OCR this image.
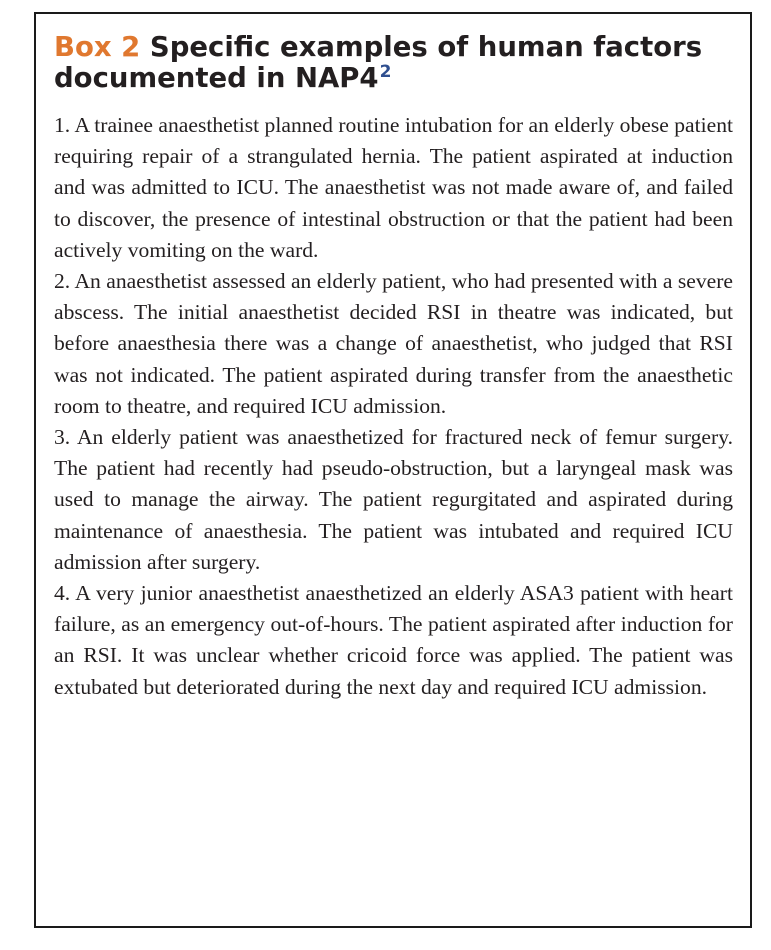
Box 2 Specific examples of human factors
documented in $NAP4^2$

1. A trainee anaesthetist planned routine intubation for an elderly obese patient requiring repair of a strangulated hernia. The patient aspirated at induction and was admitted to ICU. The anaesthetist was not made aware of, and failed to discover, the presence of intestinal obstruction or that the patient had been actively vomiting on the ward.

2. An anaesthetist assessed an elderly patient, who had presented with a severe abscess. The initial anaesthetist decided RSI in theatre was indicated, but before anaesthesia there was a change of anaesthetist, who judged that RSI was not indicated. The patient aspirated during transfer from the anaesthetic room to theatre, and required ICU admission.

3. An elderly patient was anaesthetized for fractured neck of femur surgery. The patient had recently had pseudo-obstruction, but a laryngeal mask was used to manage the airway. The patient regurgitated and aspirated during maintenance of anaesthesia. The patient was intubated and required ICU admission after surgery.

4. A very junior anaesthetist anaesthetized an elderly ASA3 patient with heart failure, as an emergency out-of-hours. The patient aspirated after induction for an RSI. It was unclear whether cricoid force was applied. The patient was extubated but deteriorated during the next day and required ICU admission.
